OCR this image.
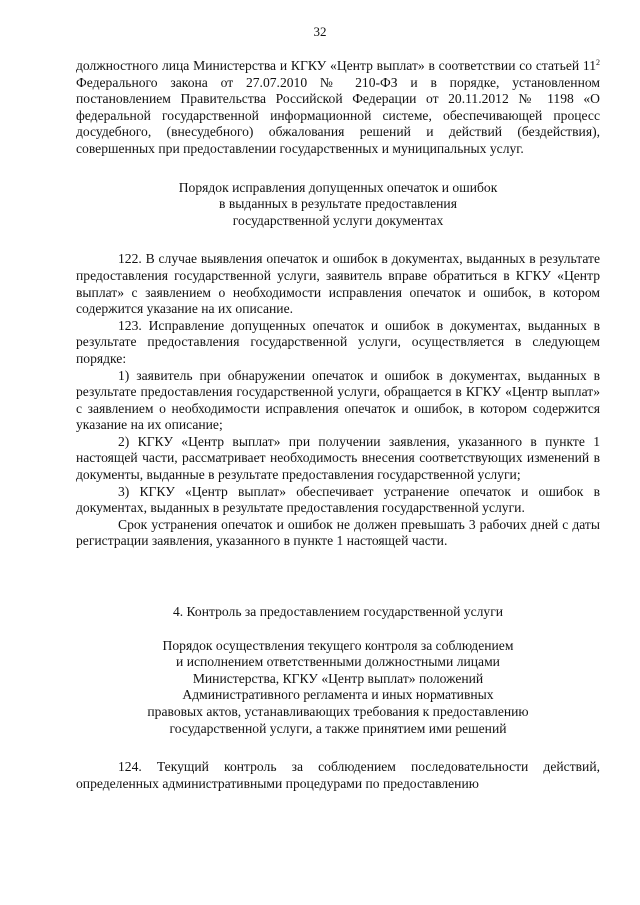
32

должностного лица Министерства и КГКУ «Центр выплат» в соответствии со статьей $11^2$ Федерального закона от 27.07.2010 № 210-ФЗ и в порядке, установленном постановлением Правительства Российской Федерации от 20.11.2012 № 1198 «О федеральной государственной информационной системе, обеспечивающей процесс досудебного, (внесудебного) обжалования решений и действий (бездействия), совершенных при предоставлении государственных и муниципальных услуг.

Порядок исправления допущенных опечаток и ошибок

в выданных в результате предоставления

государственной услуги документах

122. В случае выявления опечаток и ошибок в документах, выданных в результате предоставления государственной услуги, заявитель вправе обратиться в КГКУ «Центр выплат» с заявлением о необходимости исправления опечаток и ошибок, в котором содержится указание на их описание.

123. Исправление допущенных опечаток и ошибок в документах, выданных в результате предоставления государственной услуги, осуществляется в следующем порядке:

1) заявитель при обнаружении опечаток и ошибок в документах, выданных в результате предоставления государственной услуги, обращается в КГКУ «Центр выплат» с заявлением о необходимости исправления опечаток и ошибок, в котором содержится указание на их описание;

2) КГКУ «Центр выплат» при получении заявления, указанного в пункте 1 настоящей части, рассматривает необходимость внесения соответствующих изменений в документы, выданные в результате предоставления государственной услуги;

3) КГКУ «Центр выплат» обеспечивает устранение опечаток и ошибок в документах, выданных в результате предоставления государственной услуги.

Срок устранения опечаток и ошибок не должен превышать 3 рабочих дней с даты регистрации заявления, указанного в пункте 1 настоящей части.

4. Контроль за предоставлением государственной услуги

Порядок осуществления текущего контроля за соблюдением

и исполнением ответственными должностными лицами

Министерства, КГКУ «Центр выплат» положений

Административного регламента и иных нормативных

правовых актов, устанавливающих требования к предоставлению

государственной услуги, а также принятием ими решений

124. Текущий контроль за соблюдением последовательности действий, определенных административными процедурами по предоставлению
